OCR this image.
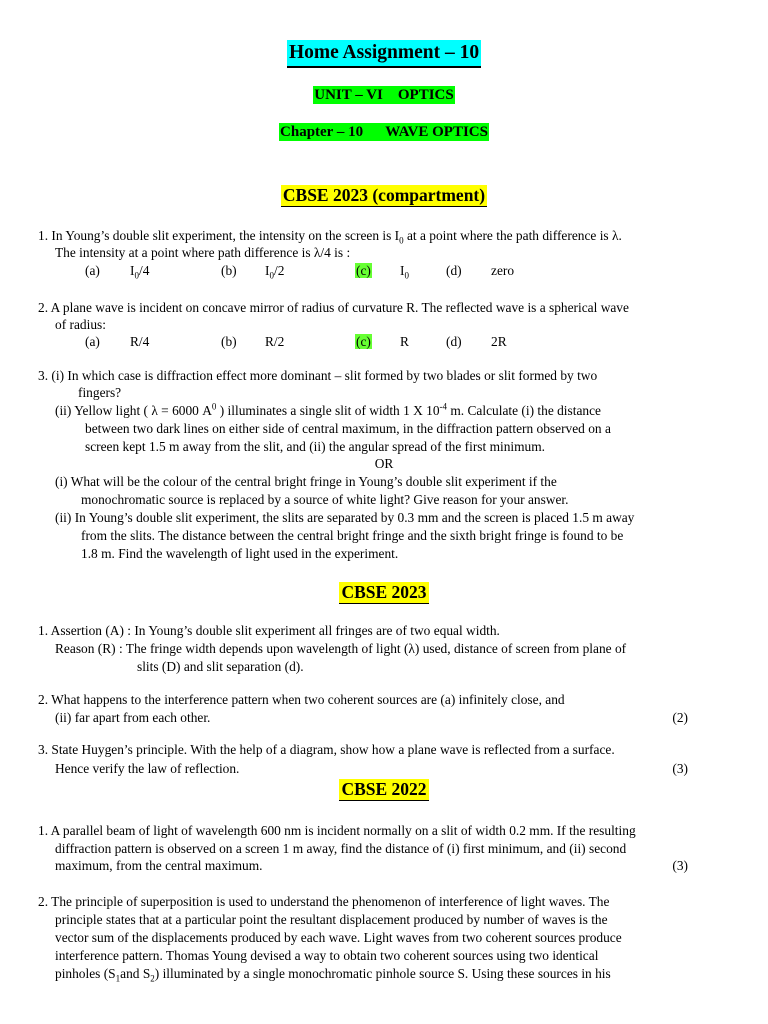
Home Assignment – 10
UNIT – VI    OPTICS
Chapter – 10      WAVE OPTICS
CBSE 2023 (compartment)
1. In Young’s double slit experiment, the intensity on the screen is $I_0$ at a point where the path difference is λ.
The intensity at a point where path difference is λ/4 is :
(a) $I_0/4$	(b) $I_0/2$	(c) $I_0$	(d) zero
2. A plane wave is incident on concave mirror of radius of curvature R. The reflected wave is a spherical wave
of radius:
(a) R/4	(b) R/2	(c) R	(d) 2R
3. (i) In which case is diffraction effect more dominant – slit formed by two blades or slit formed by two
fingers?
(ii) Yellow light ( λ = 6000 $A^0$ ) illuminates a single slit of width 1 X $10^{-4}$ m. Calculate (i) the distance
between two dark lines on either side of central maximum, in the diffraction pattern observed on a
screen kept 1.5 m away from the slit, and (ii) the angular spread of the first minimum.
OR
(i) What will be the colour of the central bright fringe in Young’s double slit experiment if the
monochromatic source is replaced by a source of white light? Give reason for your answer.
(ii) In Young’s double slit experiment, the slits are separated by 0.3 mm and the screen is placed 1.5 m away
from the slits. The distance between the central bright fringe and the sixth bright fringe is found to be
1.8 m. Find the wavelength of light used in the experiment.
CBSE 2023
1. Assertion (A) : In Young’s double slit experiment all fringes are of two equal width.
Reason (R) : The fringe width depends upon wavelength of light (λ) used, distance of screen from plane of
slits (D) and slit separation (d).
2. What happens to the interference pattern when two coherent sources are (a) infinitely close, and
(ii) far apart from each other.	(2)
3. State Huygen’s principle. With the help of a diagram, show how a plane wave is reflected from a surface.
Hence verify the law of reflection.	(3)
CBSE 2022
1. A parallel beam of light of wavelength 600 nm is incident normally on a slit of width 0.2 mm. If the resulting
diffraction pattern is observed on a screen 1 m away, find the distance of (i) first minimum, and (ii) second
maximum, from the central maximum.	(3)
2. The principle of superposition is used to understand the phenomenon of interference of light waves. The
principle states that at a particular point the resultant displacement produced by number of waves is the
vector sum of the displacements produced by each wave. Light waves from two coherent sources produce
interference pattern. Thomas Young devised a way to obtain two coherent sources using two identical
pinholes ($S_1and$ $S_2$) illuminated by a single monochromatic pinhole source S. Using these sources in his
